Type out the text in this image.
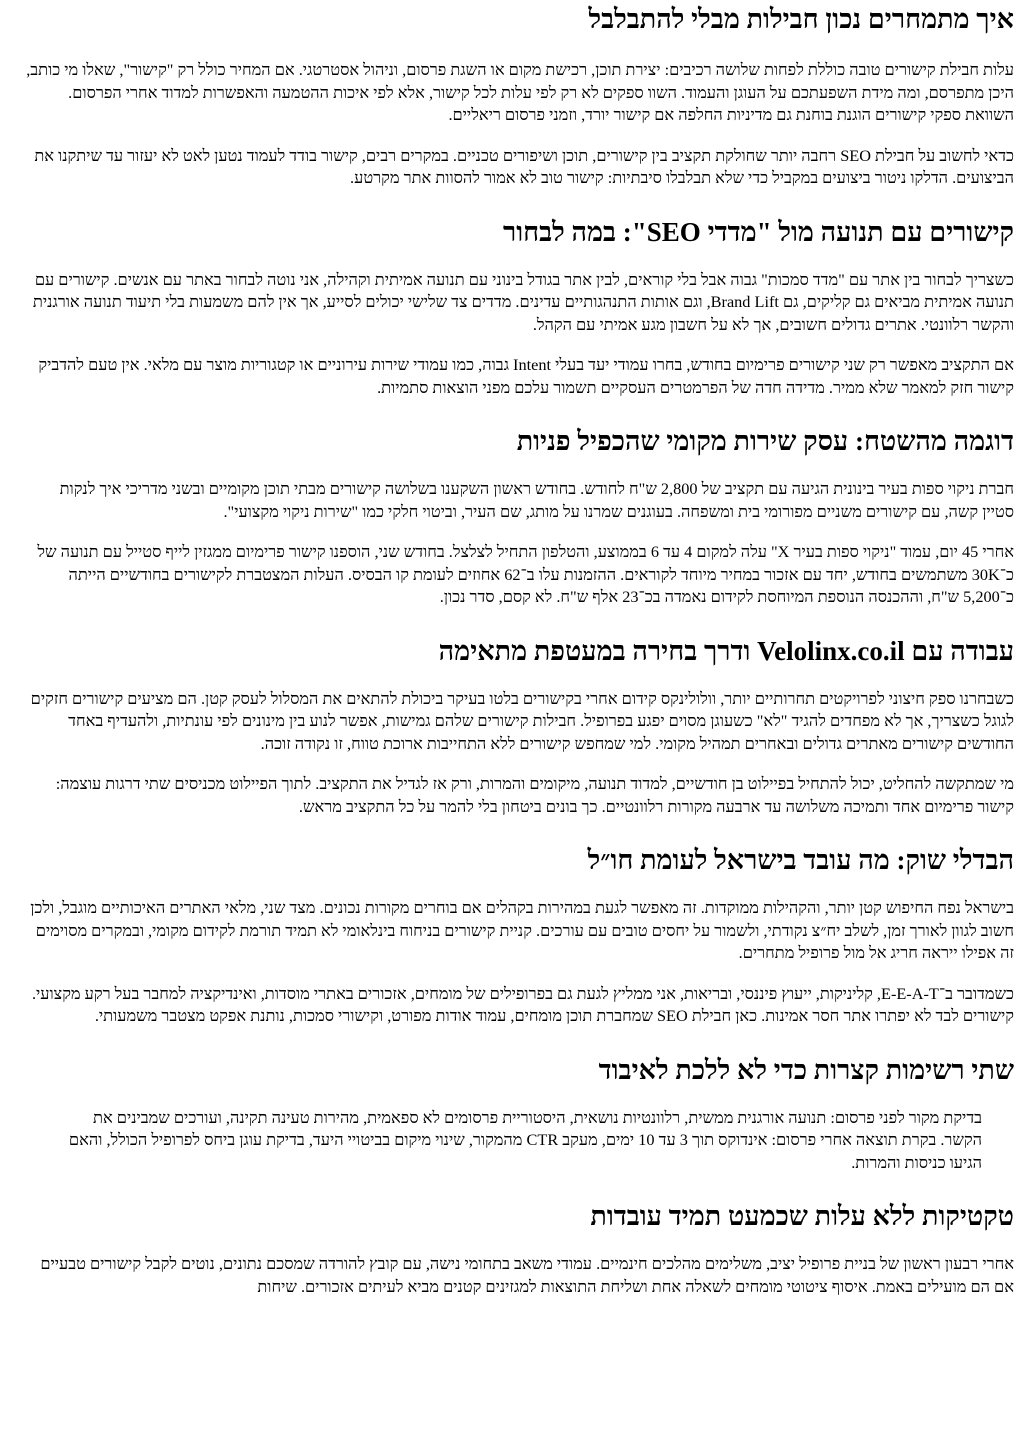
איך מתמחרים נכון חבילות מבלי להתבלבל

עלות חבילת קישורים טובה כוללת לפחות שלושה רכיבים: יצירת תוכן, רכישת מקום או השגת פרסום, וניהול אסטרטגי. אם המחיר כולל רק "קישור", שאלו מי כותב, היכן מתפרסם, ומה מידת השפעתכם על העוגן והעמוד. השוו ספקים לא רק לפי עלות לכל קישור, אלא לפי איכות ההטמעה והאפשרות למדוד אחרי הפרסום. השוואת ספקי קישורים הוגנת בוחנת גם מדיניות החלפה אם קישור יורד, וזמני פרסום ריאליים.

כדאי לחשוב על חבילת SEO רחבה יותר שחולקת תקציב בין קישורים, תוכן ושיפורים טכניים. במקרים רבים, קישור בודד לעמוד נטען לאט לא יעזור עד שיתקנו את הביצועים. הדלקו ניטור ביצועים במקביל כדי שלא תבלבלו סיבתיות: קישור טוב לא אמור להסוות אתר מקרטע.

קישורים עם תנועה מול "מדדי SEO": במה לבחור

כשצריך לבחור בין אתר עם "מדד סמכות" גבוה אבל בלי קוראים, לבין אתר בגודל בינוני עם תנועה אמיתית וקהילה, אני נוטה לבחור באתר עם אנשים. קישורים עם תנועה אמיתית מביאים גם קליקים, גם Brand Lift, וגם אותות התנהגותיים עדינים. מדדים צד שלישי יכולים לסייע, אך אין להם משמעות בלי תיעוד תנועה אורגנית והקשר רלוונטי. אתרים גדולים חשובים, אך לא על חשבון מגע אמיתי עם הקהל.

אם התקציב מאפשר רק שני קישורים פרימיום בחודש, בחרו עמודי יעד בעלי Intent גבוה, כמו עמודי שירות עירוניים או קטגוריות מוצר עם מלאי. אין טעם להדביק קישור חזק למאמר שלא ממיר. מדידה חדה של הפרמטרים העסקיים תשמור עלכם מפני הוצאות סתמיות.

דוגמה מהשטח: עסק שירות מקומי שהכפיל פניות

חברת ניקוי ספות בעיר בינונית הגיעה עם תקציב של 2,800 ש"ח לחודש. בחודש ראשון השקענו בשלושה קישורים מבתי תוכן מקומיים ובשני מדריכי איך לנקות סטיין קשה, עם קישורים משניים מפורומי בית ומשפחה. בעוגנים שמרנו על מותג, שם העיר, וביטוי חלקי כמו "שירות ניקוי מקצועי".

אחרי 45 יום, עמוד "ניקוי ספות בעיר X" עלה למקום 4 עד 6 בממוצע, והטלפון התחיל לצלצל. בחודש שני, הוספנו קישור פרימיום ממגזין לייף סטייל עם תנועה של כ־30K משתמשים בחודש, יחד עם אזכור במחיר מיוחד לקוראים. ההזמנות עלו ב־62 אחוזים לעומת קו הבסיס. העלות המצטברת לקישורים בחודשיים הייתה כ־5,200 ש"ח, וההכנסה הנוספת המיוחסת לקידום נאמדה בכ־23 אלף ש"ח. לא קסם, סדר נכון.

עבודה עם Velolinx.co.il ודרך בחירה במעטפת מתאימה

כשבחרנו ספק חיצוני לפרויקטים תחרותיים יותר, וולולינקס קידום אחרי בקישורים בלטו בעיקר ביכולת להתאים את המסלול לעסק קטן. הם מציעים קישורים חזקים לגוגל כשצריך, אך לא מפחדים להגיד "לא" כשעוגן מסוים יפגע בפרופיל. חבילות קישורים שלהם גמישות, אפשר לנוע בין מינונים לפי עונתיות, ולהעדיף באחד החודשים קישורים מאתרים גדולים ובאחרים תמהיל מקומי. למי שמחפש קישורים ללא התחייבות ארוכת טווח, זו נקודה זוכה.

מי שמתקשה להחליט, יכול להתחיל בפיילוט בן חודשיים, למדוד תנועה, מיקומים והמרות, ורק אז לגדיל את התקציב. לתוך הפיילוט מכניסים שתי דרגות עוצמה: קישור פרימיום אחד ותמיכה משלושה עד ארבעה מקורות רלוונטיים. כך בונים ביטחון בלי להמר על כל התקציב מראש.

הבדלי שוק: מה עובד בישראל לעומת חו״ל

בישראל נפח החיפוש קטן יותר, והקהילות ממוקדות. זה מאפשר לגעת במהירות בקהלים אם בוחרים מקורות נכונים. מצד שני, מלאי האתרים האיכותיים מוגבל, ולכן חשוב לגוון לאורך זמן, לשלב יח״צ נקודתי, ולשמור על יחסים טובים עם עורכים. קניית קישורים בניחוח בינלאומי לא תמיד תורמת לקידום מקומי, ובמקרים מסוימים זה אפילו ייראה חריג אל מול פרופיל מתחרים.

כשמדובר ב־E-E-A-T, קליניקות, ייעוץ פיננסי, ובריאות, אני ממליץ לגעת גם בפרופילים של מומחים, אזכורים באתרי מוסדות, ואינדיקציה למחבר בעל רקע מקצועי. קישורים לבד לא יפתרו אתר חסר אמינות. כאן חבילת SEO שמחברת תוכן מומחים, עמוד אודות מפורט, וקישורי סמכות, נותנת אפקט מצטבר משמעותי.

שתי רשימות קצרות כדי לא ללכת לאיבוד

בדיקת מקור לפני פרסום: תנועה אורגנית ממשית, רלוונטיות נושאית, היסטוריית פרסומים לא ספאמית, מהירות טעינה תקינה, ועורכים שמבינים את הקשר. בקרת תוצאה אחרי פרסום: אינדוקס תוך 3 עד 10 ימים, מעקב CTR מהמקור, שינוי מיקום בביטויי היעד, בדיקת עוגן ביחס לפרופיל הכולל, והאם הגיעו כניסות והמרות.

טקטיקות ללא עלות שכמעט תמיד עובדות

אחרי רבעון ראשון של בניית פרופיל יציב, משלימים מהלכים חינמיים. עמודי משאב בתחומי נישה, עם קובץ להורדה שמסכם נתונים, נוטים לקבל קישורים טבעיים אם הם מועילים באמת. איסוף ציטוטי מומחים לשאלה אחת ושליחת התוצאות למגזינים קטנים מביא לעיתים אזכורים. שיחות
